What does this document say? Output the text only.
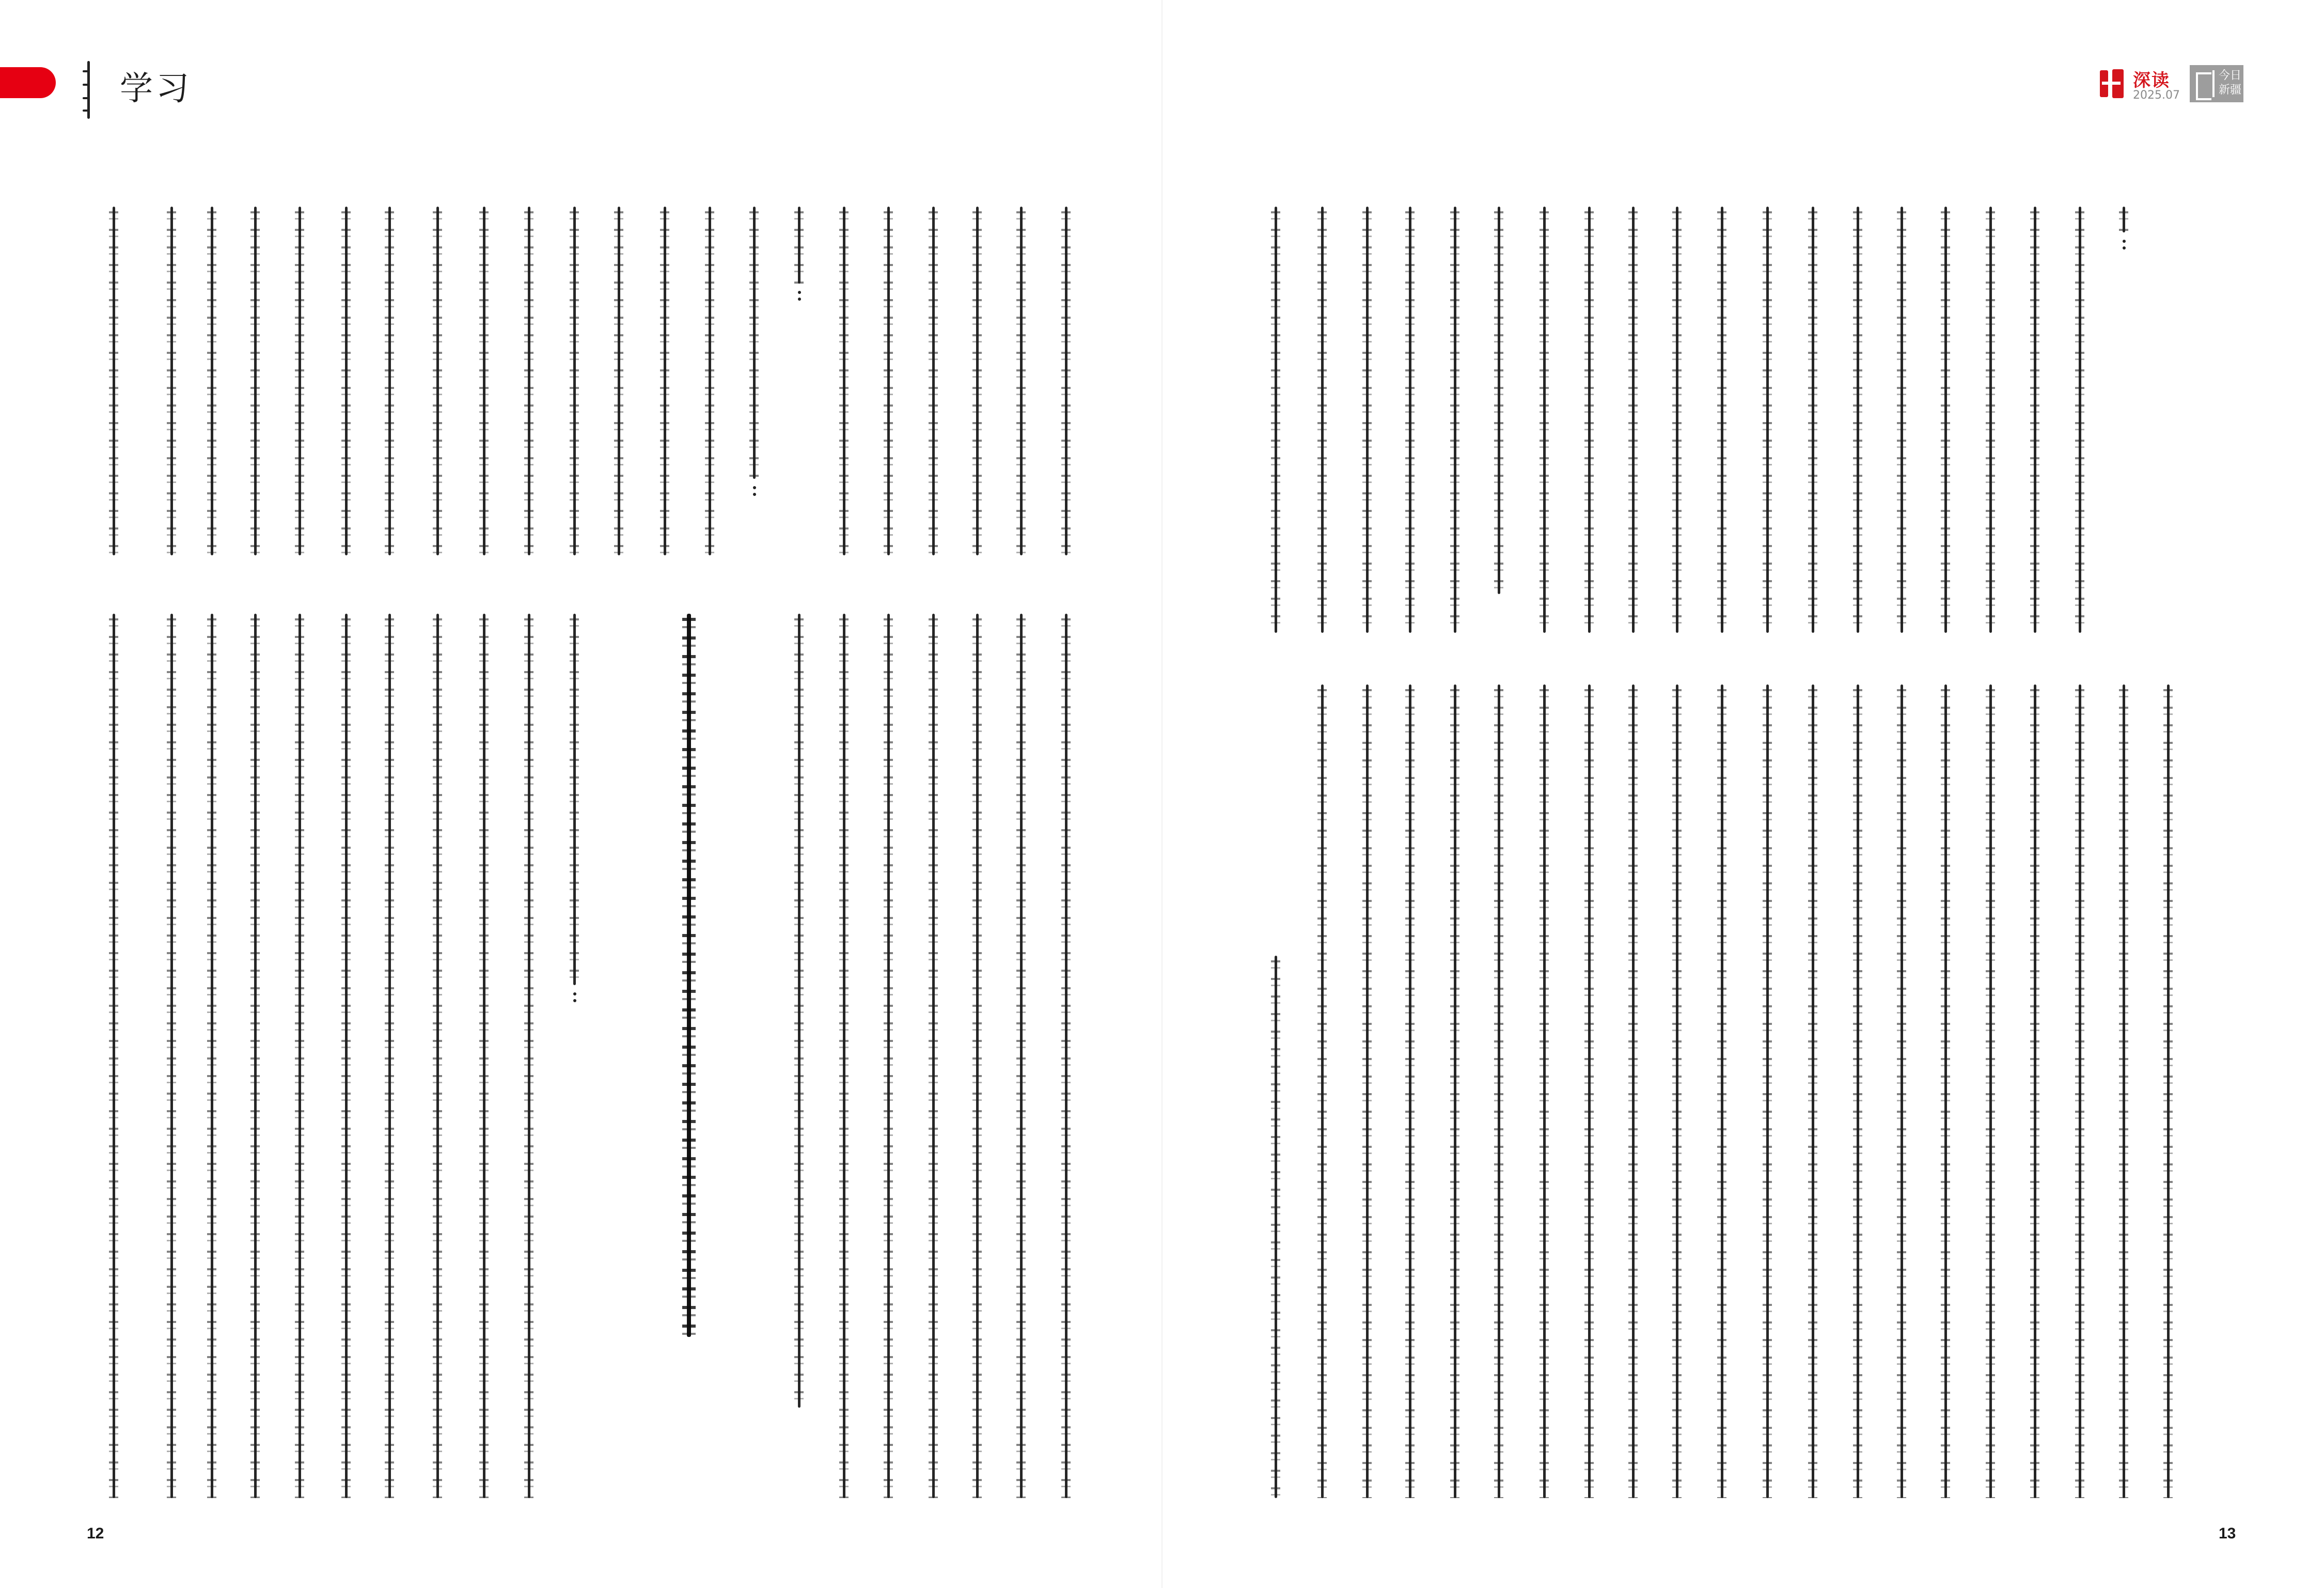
学习	深读
2025.07
今日
新疆
12	13
